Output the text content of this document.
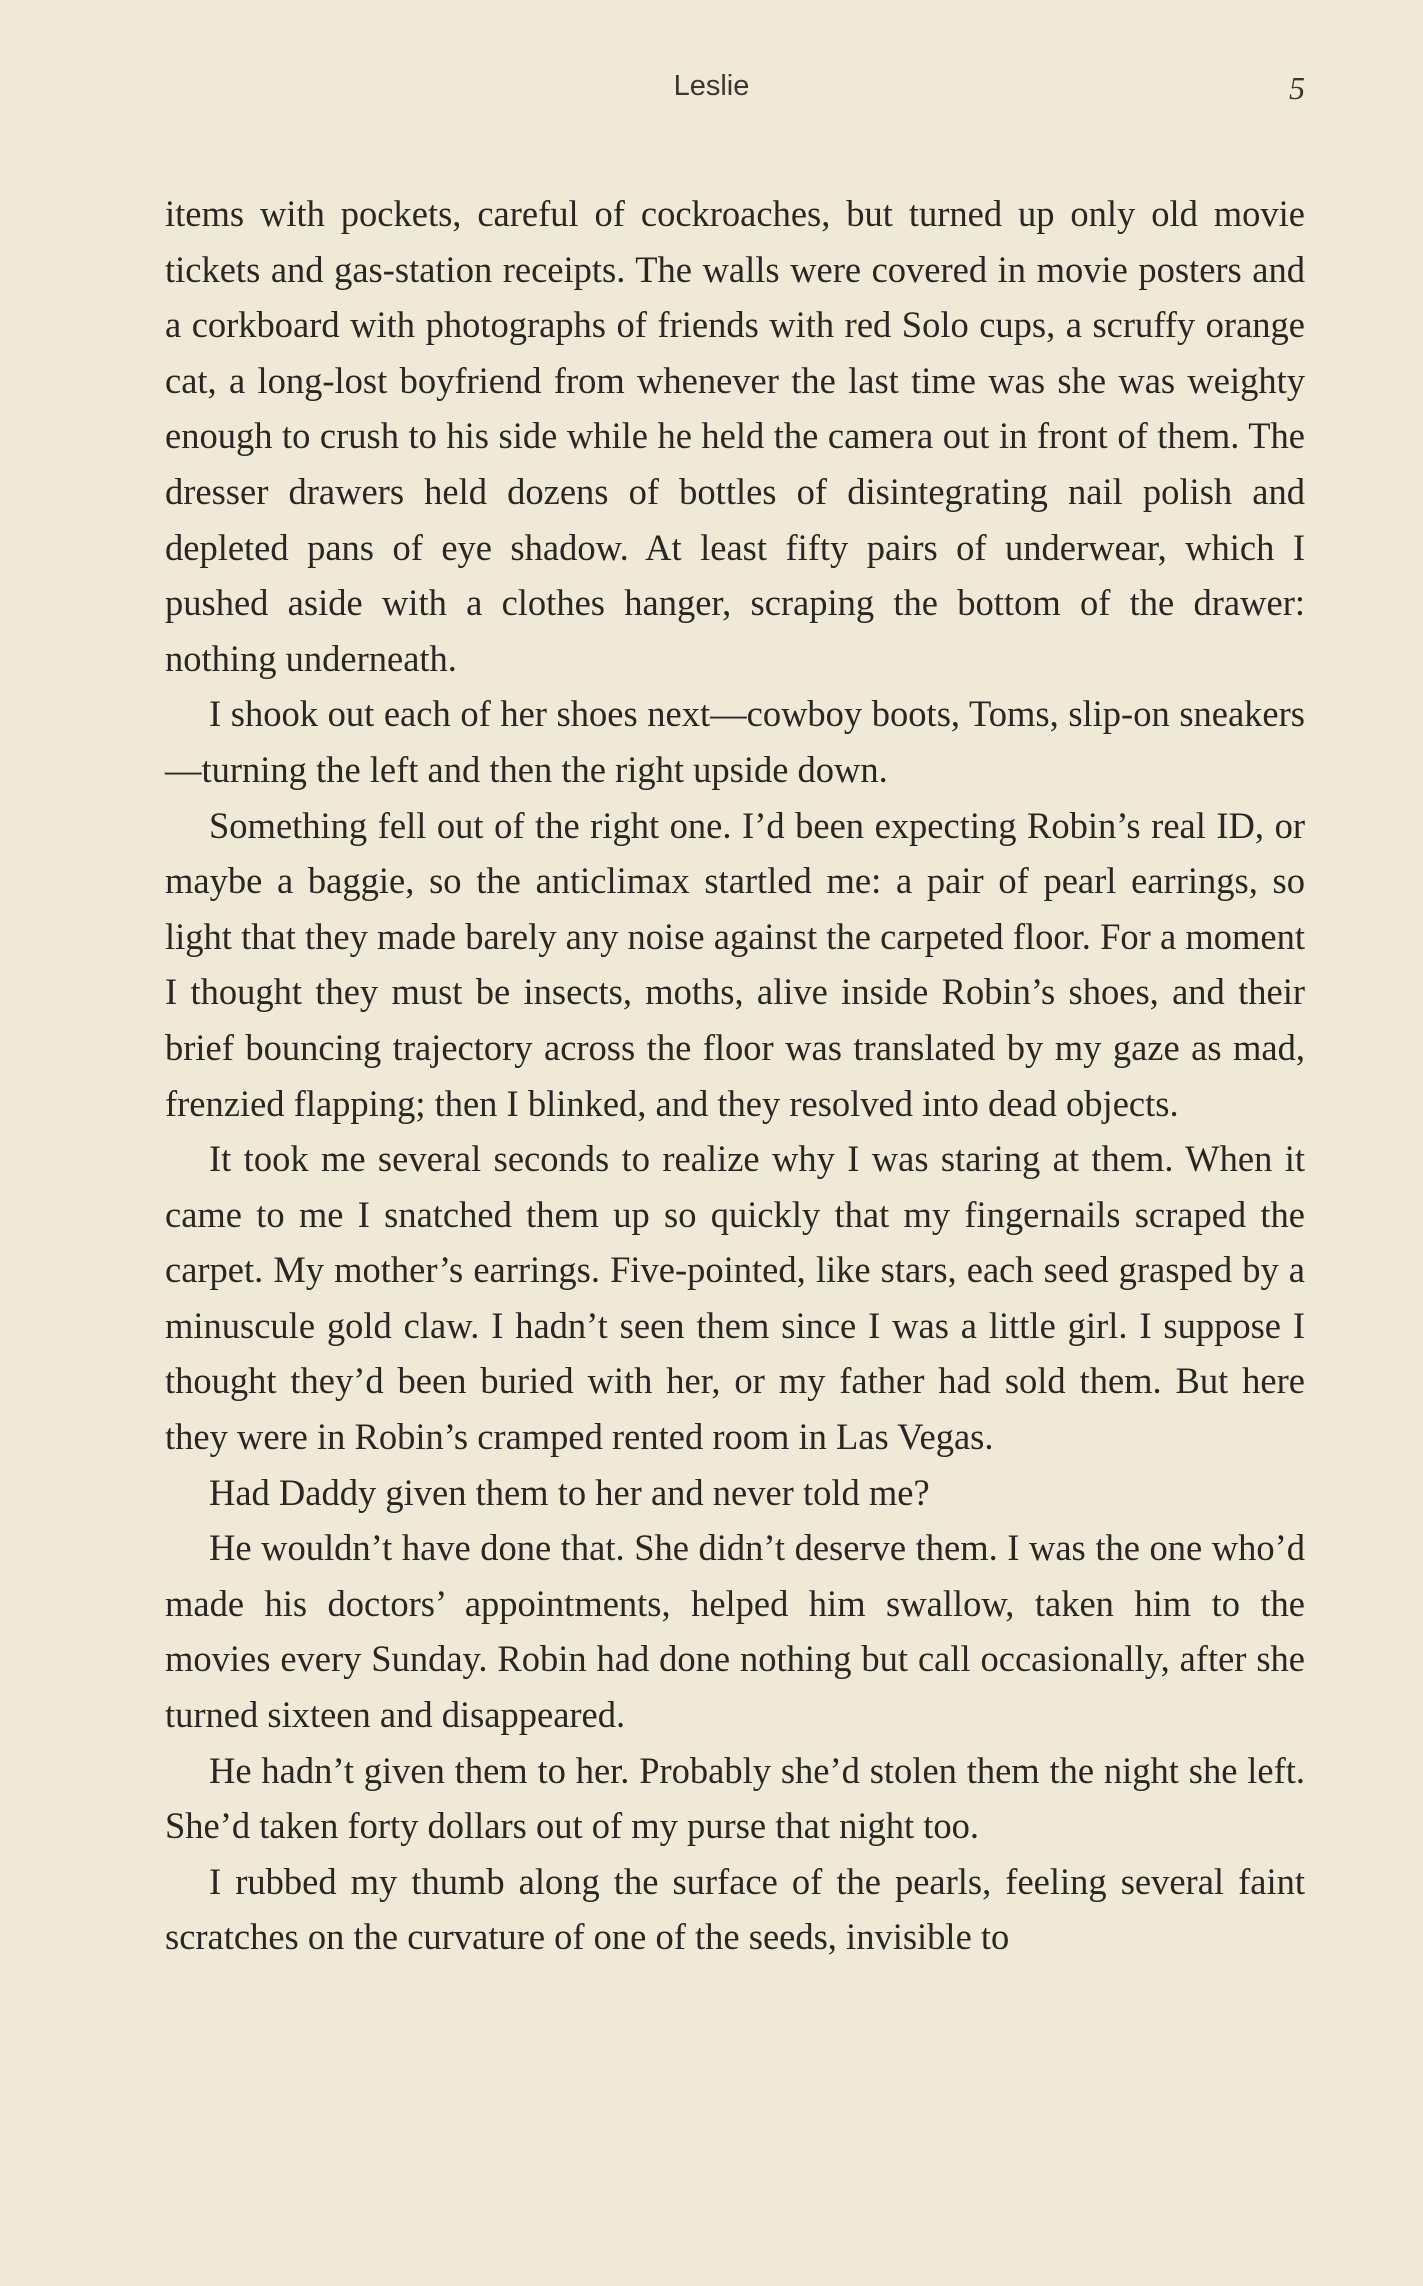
Leslie	5

items with pockets, careful of cockroaches, but turned up only old movie tickets and gas-station receipts. The walls were covered in movie posters and a corkboard with photographs of friends with red Solo cups, a scruffy orange cat, a long-lost boyfriend from whenever the last time was she was weighty enough to crush to his side while he held the camera out in front of them. The dresser drawers held dozens of bottles of disintegrating nail polish and depleted pans of eye shadow. At least fifty pairs of underwear, which I pushed aside with a clothes hanger, scraping the bottom of the drawer: nothing underneath.

I shook out each of her shoes next—cowboy boots, Toms, slip-on sneakers—turning the left and then the right upside down.

Something fell out of the right one. I’d been expecting Robin’s real ID, or maybe a baggie, so the anticlimax startled me: a pair of pearl earrings, so light that they made barely any noise against the carpeted floor. For a moment I thought they must be insects, moths, alive inside Robin’s shoes, and their brief bouncing trajectory across the floor was translated by my gaze as mad, frenzied flapping; then I blinked, and they resolved into dead objects.

It took me several seconds to realize why I was staring at them. When it came to me I snatched them up so quickly that my fingernails scraped the carpet. My mother’s earrings. Five-pointed, like stars, each seed grasped by a minuscule gold claw. I hadn’t seen them since I was a little girl. I suppose I thought they’d been buried with her, or my father had sold them. But here they were in Robin’s cramped rented room in Las Vegas.

Had Daddy given them to her and never told me?

He wouldn’t have done that. She didn’t deserve them. I was the one who’d made his doctors’ appointments, helped him swallow, taken him to the movies every Sunday. Robin had done nothing but call occasionally, after she turned sixteen and disappeared.

He hadn’t given them to her. Probably she’d stolen them the night she left. She’d taken forty dollars out of my purse that night too.

I rubbed my thumb along the surface of the pearls, feeling several faint scratches on the curvature of one of the seeds, invisible to
